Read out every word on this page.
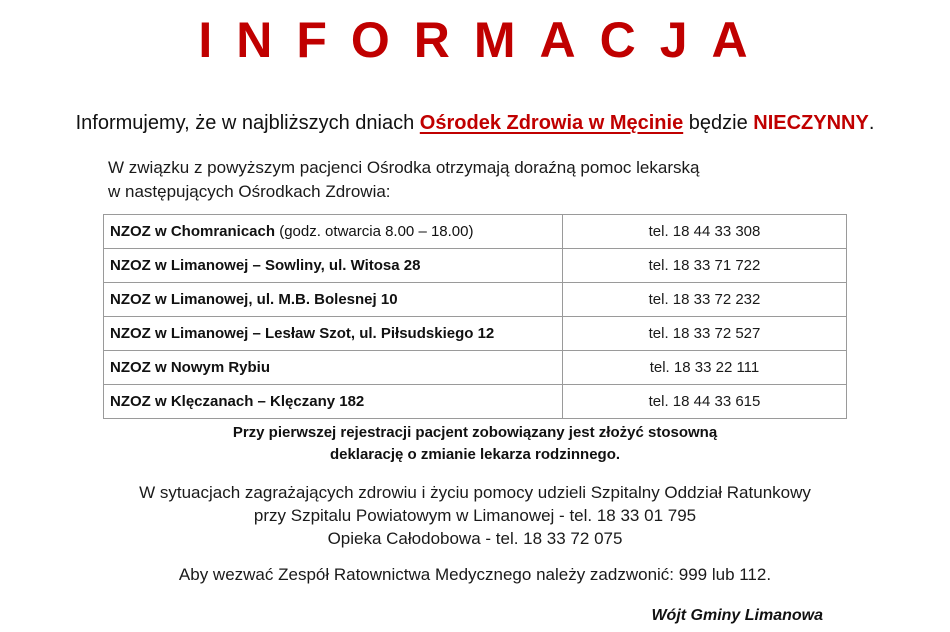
INFORMACJA
Informujemy, że w najbliższych dniach Ośrodek Zdrowia w Męcinie będzie NIECZYNNY.
W związku z powyższym pacjenci Ośrodka otrzymają doraźną pomoc lekarską
w następujących Ośrodkach Zdrowia:
NZOZ w Chomranicach (godz. otwarcia 8.00 – 18.00)	tel. 18 44 33 308
NZOZ w Limanowej – Sowliny, ul. Witosa 28	tel. 18 33 71 722
NZOZ w Limanowej, ul. M.B. Bolesnej 10	tel. 18 33 72 232
NZOZ w Limanowej – Lesław Szot, ul. Piłsudskiego 12	tel. 18 33 72 527
NZOZ w Nowym Rybiu	tel. 18 33 22 111
NZOZ w Klęczanach – Klęczany 182	tel. 18 44 33 615
Przy pierwszej rejestracji pacjent zobowiązany jest złożyć stosowną
deklarację o zmianie lekarza rodzinnego.
W sytuacjach zagrażających zdrowiu i życiu pomocy udzieli Szpitalny Oddział Ratunkowy
przy Szpitalu Powiatowym w Limanowej - tel. 18 33 01 795
Opieka Całodobowa - tel. 18 33 72 075
Aby wezwać Zespół Ratownictwa Medycznego należy zadzwonić: 999 lub 112.
Wójt Gminy Limanowa
